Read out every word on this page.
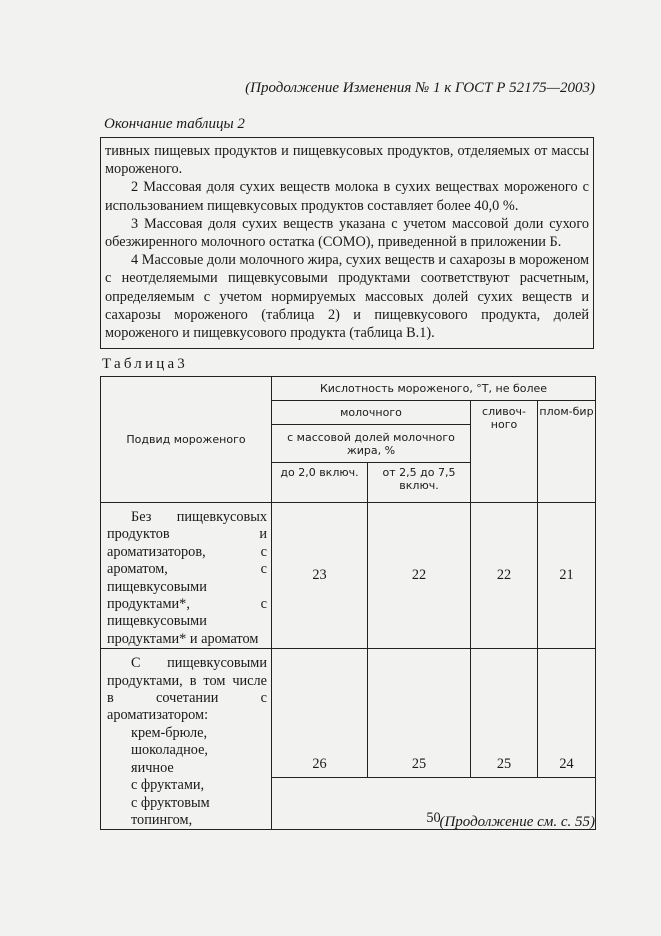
(Продолжение Изменения № 1 к ГОСТ Р 52175—2003)
Окончание таблицы 2

тивных пищевых продуктов и пищевкусовых продуктов, отделяемых от массы мороженого.

2 Массовая доля сухих веществ молока в сухих веществах мороженого с использованием пищевкусовых продуктов составляет более 40,0 %.

3 Массовая доля сухих веществ указана с учетом массовой доли сухого обезжиренного молочного остатка (СОМО), приведенной в приложении Б.

4 Массовые доли молочного жира, сухих веществ и сахарозы в мороженом с неотделяемыми пищевкусовыми продуктами соответствуют расчетным, определяемым с учетом нормируемых массовых долей сухих веществ и сахарозы мороженого (таблица 2) и пищевкусового продукта, долей мороженого и пищевкусового продукта (таблица В.1).

Таблица3
Подвид мороженого	Кислотность мороженого, °Т, не более			
	молочного		сливоч-ного	плом-бир
	с массовой долей молочного жира, %			
	до 2,0 включ.	от 2,5 до 7,5 включ.		

Без пищевкусовых продуктов и ароматизаторов, с ароматом, с пищевкусовыми продуктами*, с пищевкусовыми продуктами* и ароматом	23	22	22	21

С пищевкусовыми продуктами, в том числе в сочетании с ароматизатором:
крем-брюле,
шоколадное,
яичное	26	25	25	24

с фруктами,
с фруктовым топингом,	50			
(Продолжение см. с. 55)
